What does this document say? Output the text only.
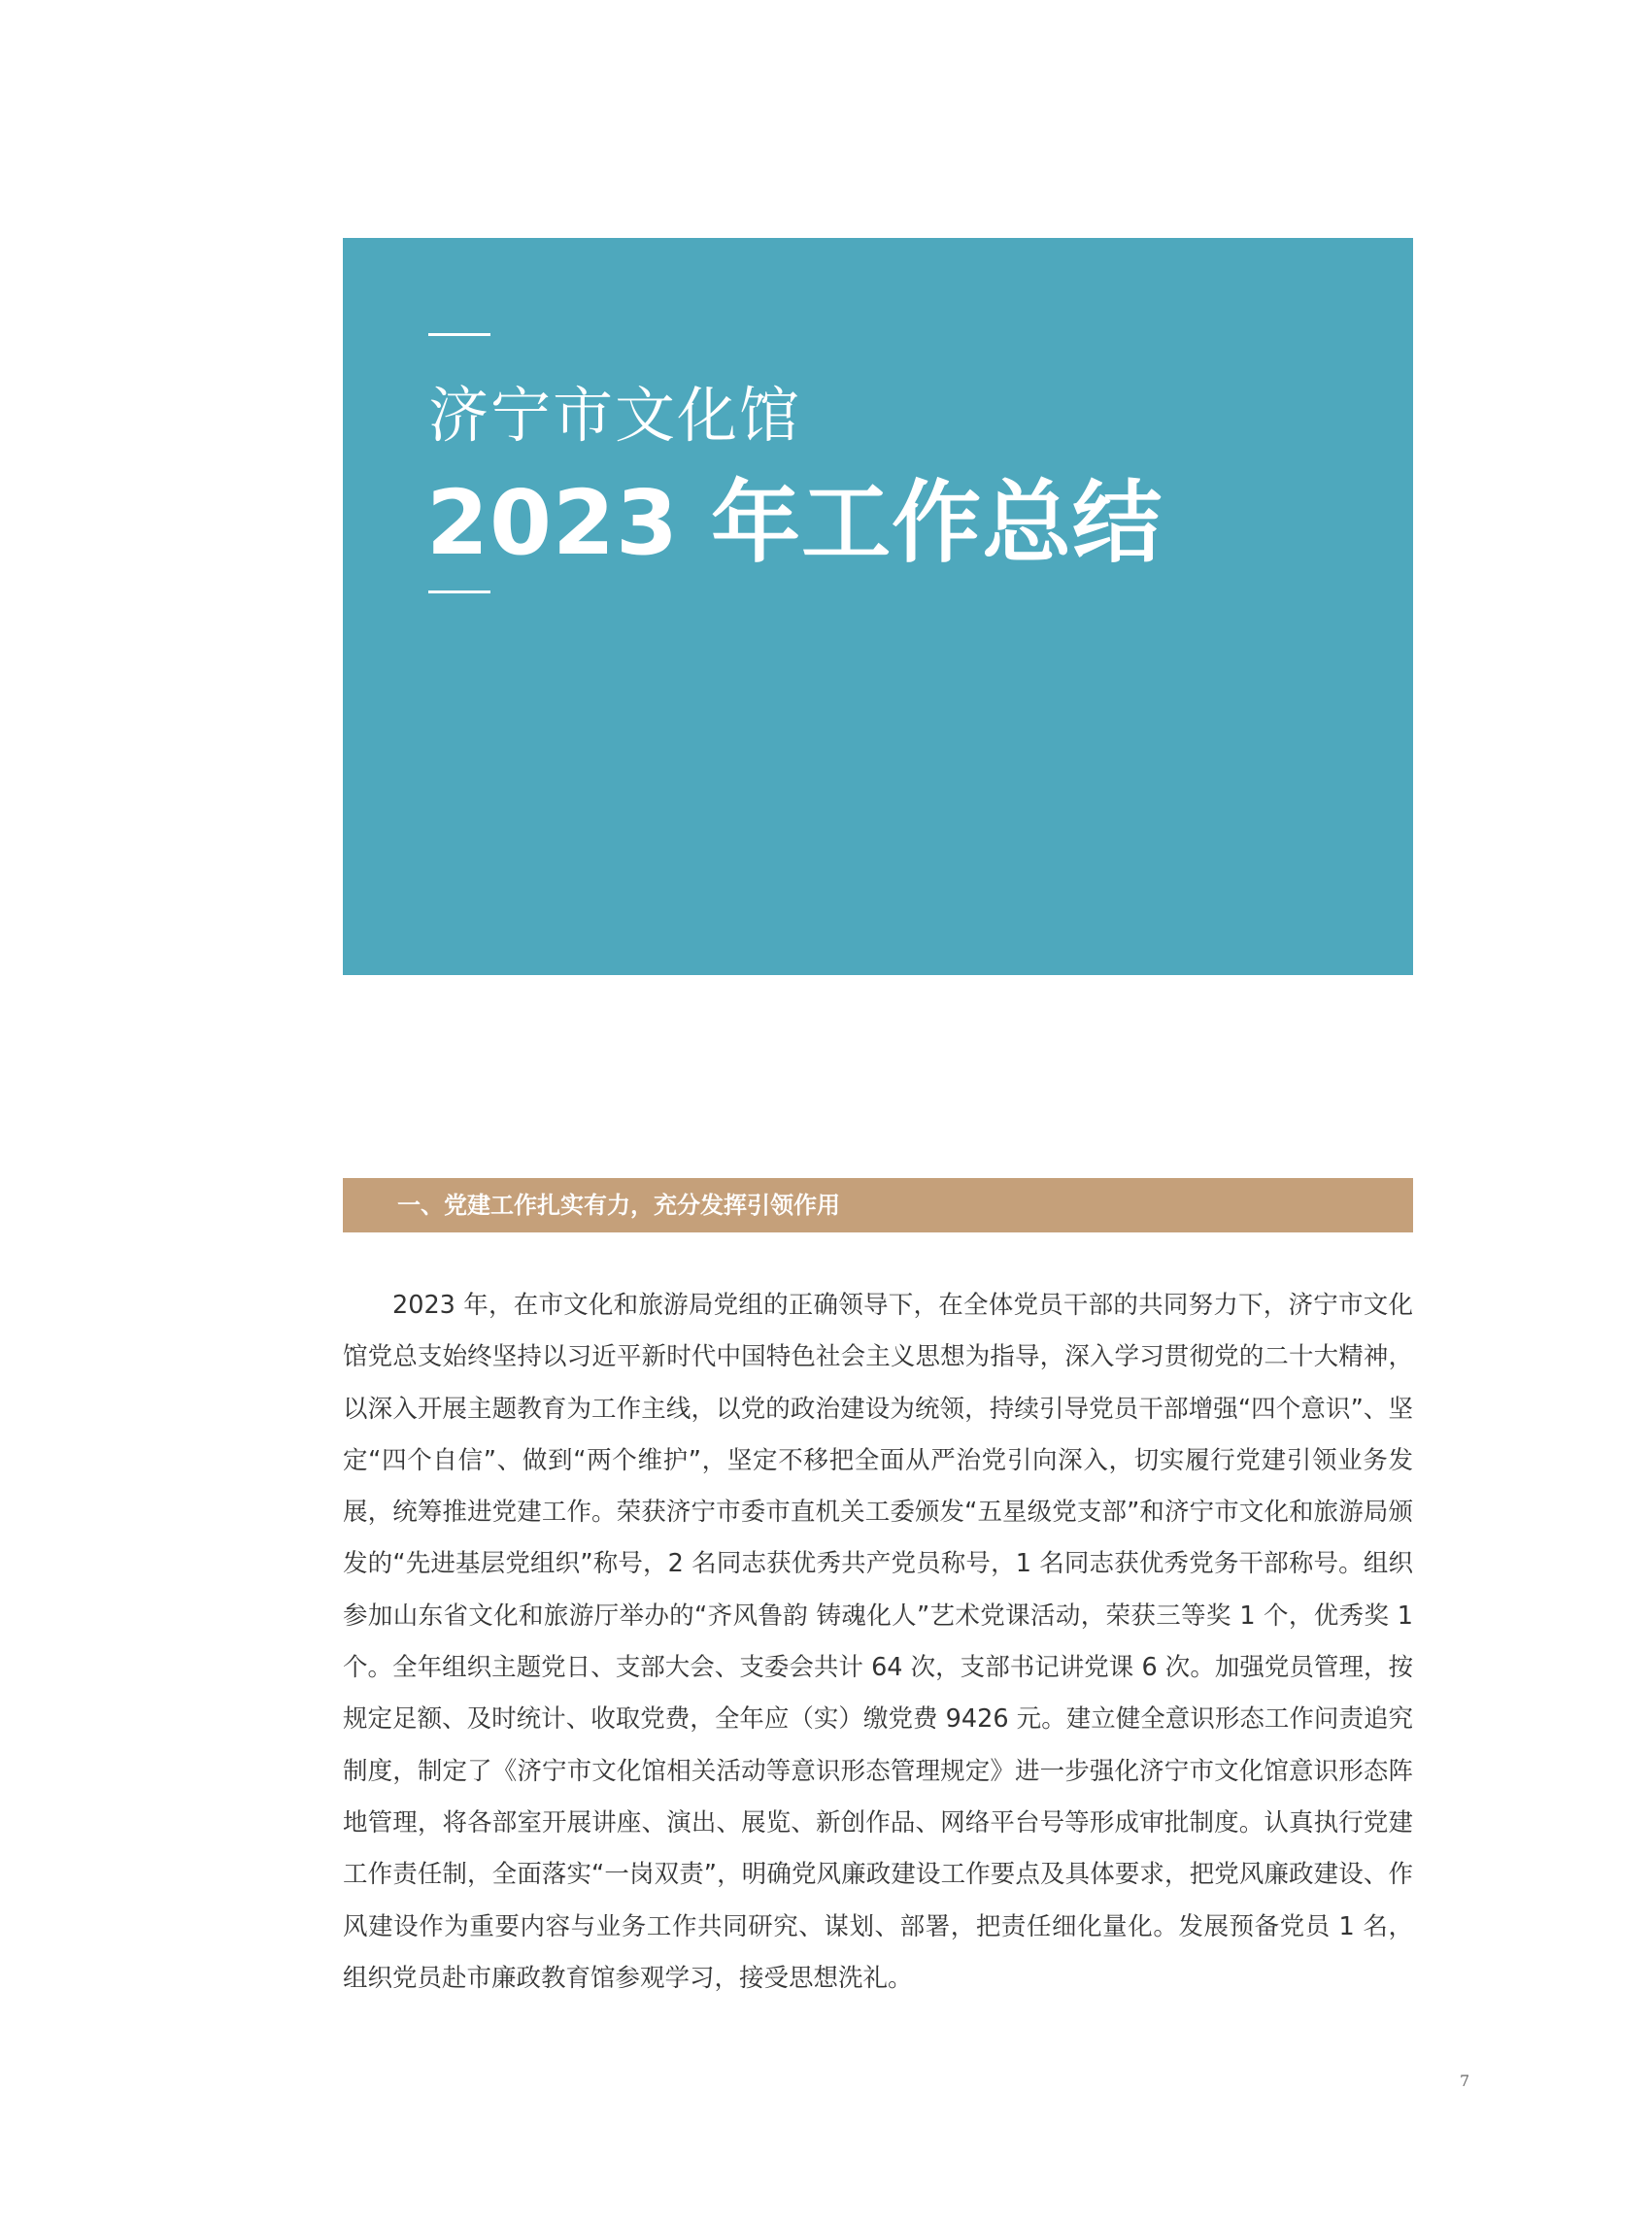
济宁市文化馆
2023 年工作总结
一、党建工作扎实有力，充分发挥引领作用

2023 年，在市文化和旅游局党组的正确领导下，在全体党员干部的共同努力下，济宁市文化馆党总支始终坚持以习近平新时代中国特色社会主义思想为指导，深入学习贯彻党的二十大精神，以深入开展主题教育为工作主线，以党的政治建设为统领，持续引导党员干部增强“四个意识”、坚定“四个自信”、做到“两个维护”，坚定不移把全面从严治党引向深入，切实履行党建引领业务发展，统筹推进党建工作。荣获济宁市委市直机关工委颁发“五星级党支部”和济宁市文化和旅游局颁发的“先进基层党组织”称号，2 名同志获优秀共产党员称号，1 名同志获优秀党务干部称号。组织参加山东省文化和旅游厅举办的“齐风鲁韵 铸魂化人”艺术党课活动，荣获三等奖 1 个，优秀奖 1 个。全年组织主题党日、支部大会、支委会共计 64 次，支部书记讲党课 6 次。加强党员管理，按规定足额、及时统计、收取党费，全年应（实）缴党费 9426 元。建立健全意识形态工作问责追究制度，制定了《济宁市文化馆相关活动等意识形态管理规定》进一步强化济宁市文化馆意识形态阵地管理，将各部室开展讲座、演出、展览、新创作品、网络平台号等形成审批制度。认真执行党建工作责任制，全面落实“一岗双责”，明确党风廉政建设工作要点及具体要求，把党风廉政建设、作风建设作为重要内容与业务工作共同研究、谋划、部署，把责任细化量化。发展预备党员 1 名，组织党员赴市廉政教育馆参观学习，接受思想洗礼。

7
